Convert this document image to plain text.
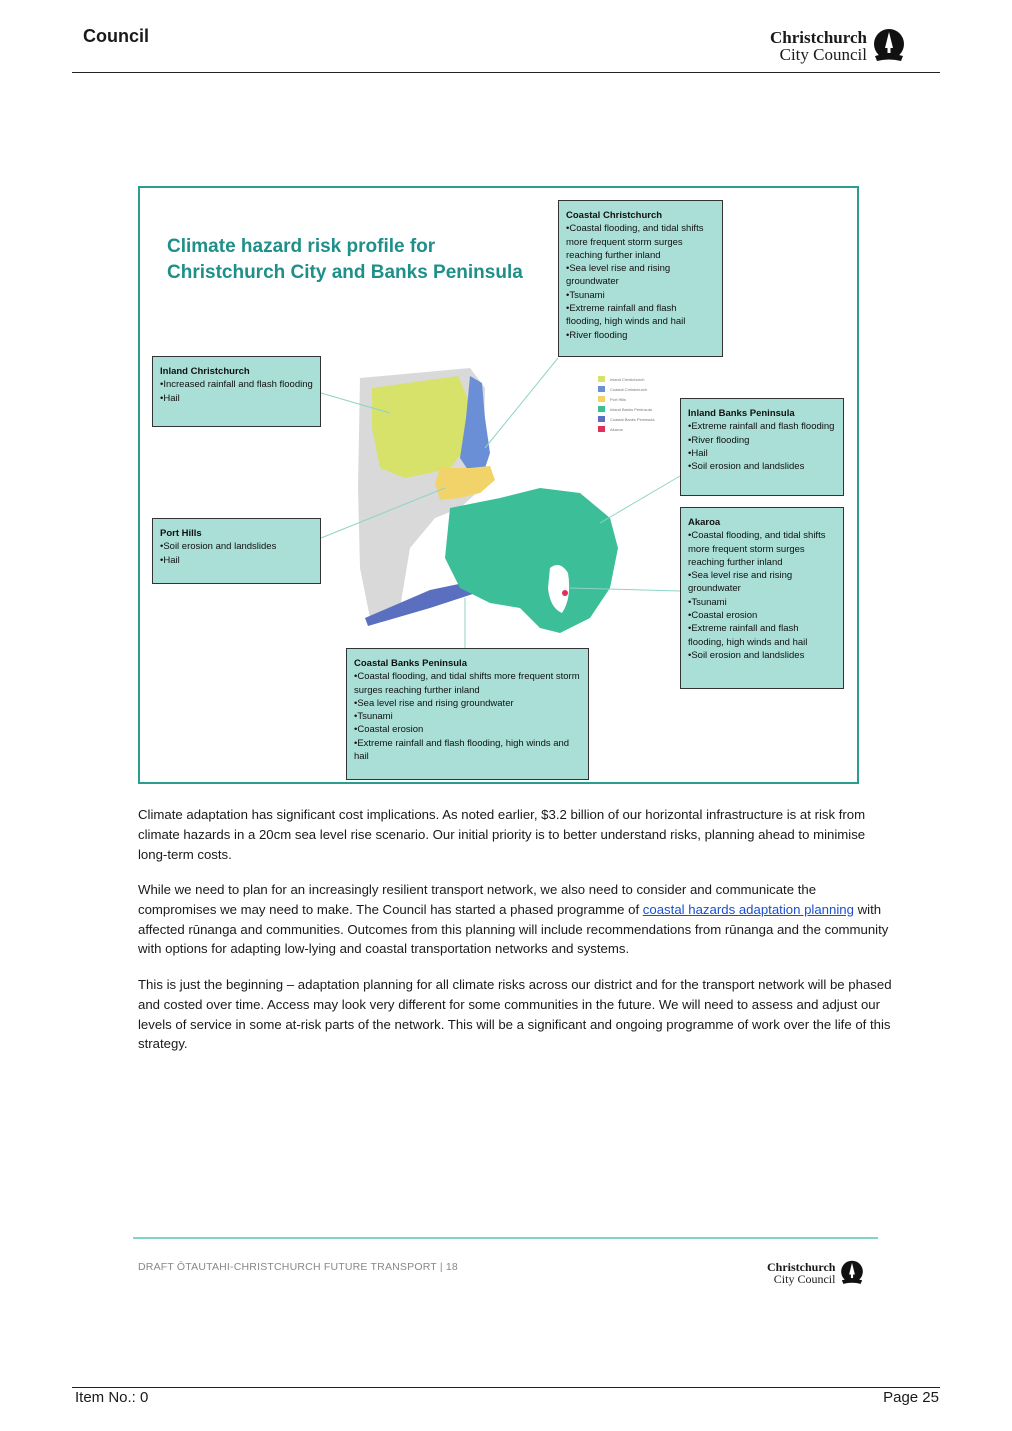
Council	Christchurch
City Council
Climate hazard risk profile for Christchurch City and Banks Peninsula
Inland Christchurch
Coastal Christchurch
Port Hills
Inland Banks Peninsula
Coastal Banks Peninsula
Akaroa
Coastal Christchurch
• Coastal flooding, and tidal shifts more frequent storm surges reaching further inland
• Sea level rise and rising groundwater
• Tsunami
• Extreme rainfall and flash flooding, high winds and hail
• River flooding
Inland Christchurch
• Increased rainfall and flash flooding
• Hail
Inland Banks Peninsula
• Extreme rainfall and flash flooding
• River flooding
• Hail
• Soil erosion and landslides
Port Hills
• Soil erosion and landslides
• Hail
Akaroa
• Coastal flooding, and tidal shifts more frequent storm surges reaching further inland
• Sea level rise and rising groundwater
• Tsunami
• Coastal erosion
• Extreme rainfall and flash flooding, high winds and hail
• Soil erosion and landslides
Coastal Banks Peninsula
• Coastal flooding, and tidal shifts more frequent storm surges reaching further inland
• Sea level rise and rising groundwater
• Tsunami
• Coastal erosion
• Extreme rainfall and flash flooding, high winds and hail

Climate adaptation has significant cost implications. As noted earlier, $3.2 billion of our horizontal infrastructure is at risk from climate hazards in a 20cm sea level rise scenario. Our initial priority is to better understand risks, planning ahead to minimise long-term costs.

While we need to plan for an increasingly resilient transport network, we also need to consider and communicate the compromises we may need to make. The Council has started a phased programme of coastal hazards adaptation planning with affected rūnanga and communities. Outcomes from this planning will include recommendations from rūnanga and the community with options for adapting low-lying and coastal transportation networks and systems.

This is just the beginning – adaptation planning for all climate risks across our district and for the transport network will be phased and costed over time. Access may look very different for some communities in the future. We will need to assess and adjust our levels of service in some at-risk parts of the network. This will be a significant and ongoing programme of work over the life of this strategy.

DRAFT ŌTAUTAHI-CHRISTCHURCH FUTURE TRANSPORT | 18	Christchurch
City Council
Item No.: 0	Page 25
